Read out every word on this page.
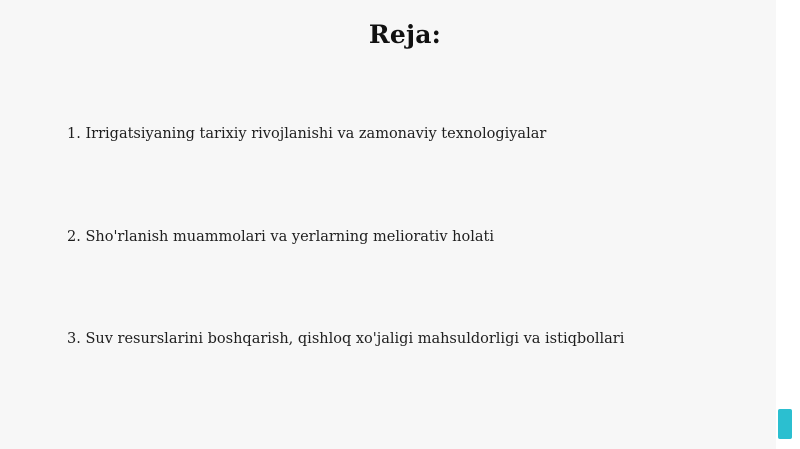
Reja:
1. Irrigatsiyaning tarixiy rivojlanishi va zamonaviy texnologiyalar
2. Sho'rlanish muammolari va yerlarning meliorativ holati
3. Suv resurslarini boshqarish, qishloq xo'jaligi mahsuldorligi va istiqbollari
